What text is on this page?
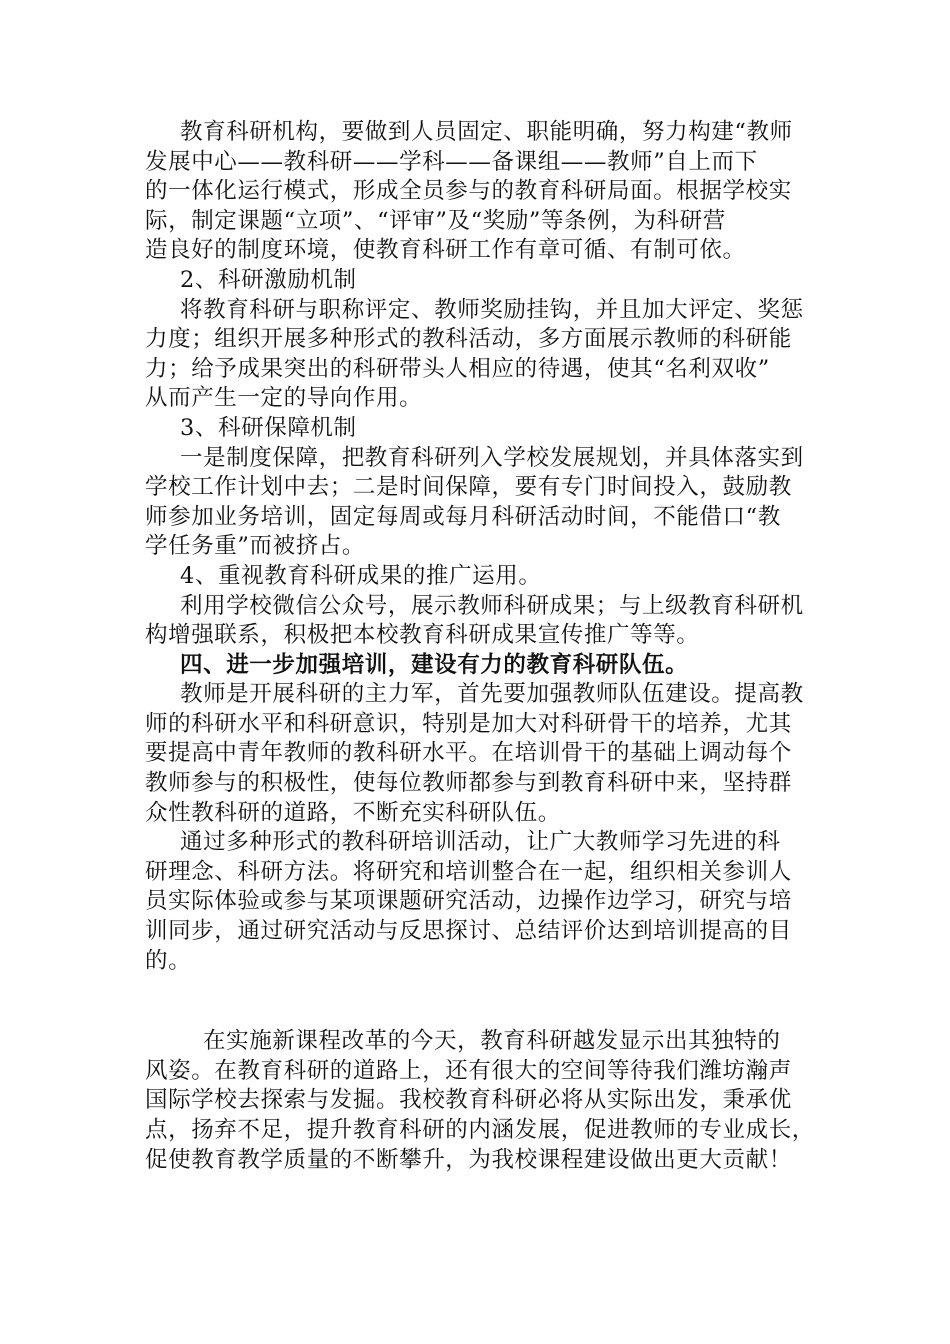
教育科研机构，要做到人员固定、职能明确，努力构建“教师
发展中心——教科研——学科——备课组——教师”自上而下
的一体化运行模式，形成全员参与的教育科研局面。根据学校实
际，制定课题“立项”、“评审”及“奖励”等条例，为科研营
造良好的制度环境，使教育科研工作有章可循、有制可依。
2、科研激励机制
将教育科研与职称评定、教师奖励挂钩，并且加大评定、奖惩
力度；组织开展多种形式的教科活动，多方面展示教师的科研能
力；给予成果突出的科研带头人相应的待遇，使其“名利双收”
从而产生一定的导向作用。
3、科研保障机制
一是制度保障，把教育科研列入学校发展规划，并具体落实到
学校工作计划中去；二是时间保障，要有专门时间投入，鼓励教
师参加业务培训，固定每周或每月科研活动时间，不能借口“教
学任务重”而被挤占。
4、重视教育科研成果的推广运用。
利用学校微信公众号，展示教师科研成果；与上级教育科研机
构增强联系，积极把本校教育科研成果宣传推广等等。
四、进一步加强培训，建设有力的教育科研队伍。
教师是开展科研的主力军，首先要加强教师队伍建设。提高教
师的科研水平和科研意识，特别是加大对科研骨干的培养，尤其
要提高中青年教师的教科研水平。在培训骨干的基础上调动每个
教师参与的积极性，使每位教师都参与到教育科研中来，坚持群
众性教科研的道路，不断充实科研队伍。
通过多种形式的教科研培训活动，让广大教师学习先进的科
研理念、科研方法。将研究和培训整合在一起，组织相关参训人
员实际体验或参与某项课题研究活动，边操作边学习，研究与培
训同步，通过研究活动与反思探讨、总结评价达到培训提高的目
的。
在实施新课程改革的今天，教育科研越发显示出其独特的
风姿。在教育科研的道路上，还有很大的空间等待我们潍坊瀚声
国际学校去探索与发掘。我校教育科研必将从实际出发，秉承优
点，扬弃不足，提升教育科研的内涵发展，促进教师的专业成长，
促使教育教学质量的不断攀升，为我校课程建设做出更大贡献！
